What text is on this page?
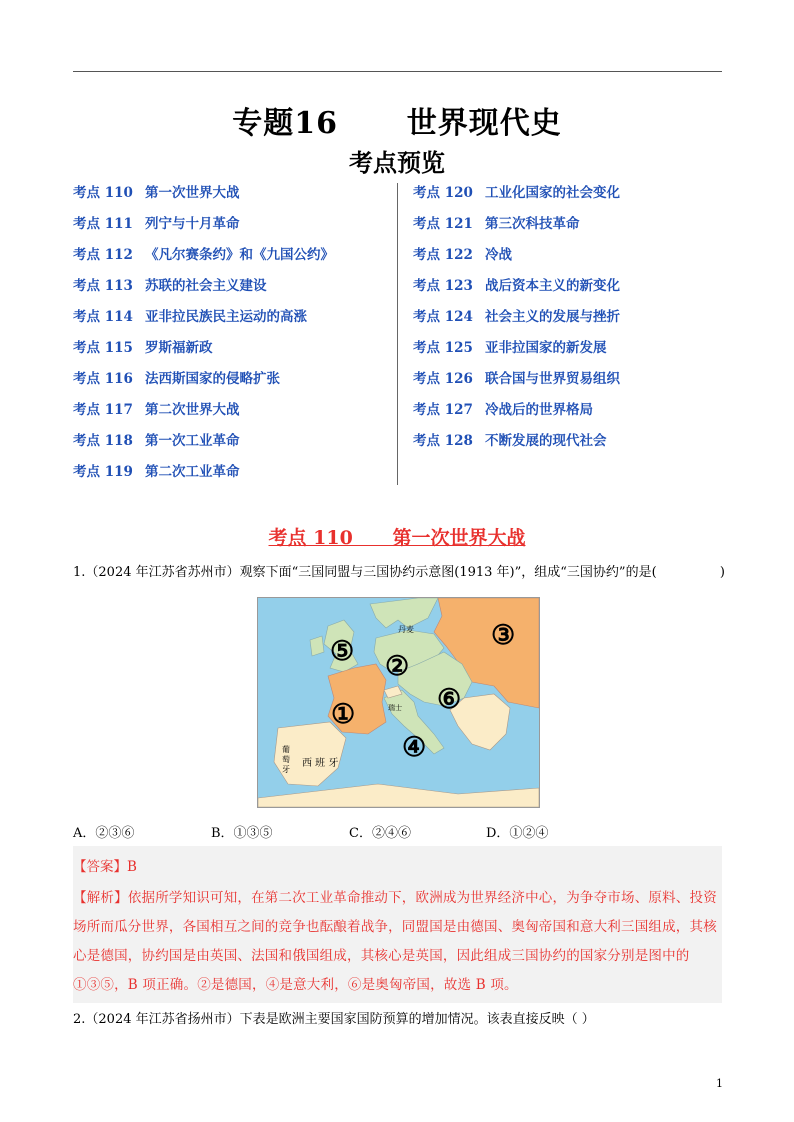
专题16      世界现代史
考点预览
考点 110 第一次世界大战
考点 111 列宁与十月革命
考点 112 《凡尔赛条约》和《九国公约》
考点 113 苏联的社会主义建设
考点 114 亚非拉民族民主运动的高涨
考点 115 罗斯福新政
考点 116 法西斯国家的侵略扩张
考点 117 第二次世界大战
考点 118 第一次工业革命
考点 119 第二次工业革命
考点 120 工业化国家的社会变化
考点 121 第三次科技革命
考点 122 冷战
考点 123 战后资本主义的新变化
考点 124 社会主义的发展与挫折
考点 125 亚非拉国家的新发展
考点 126 联合国与世界贸易组织
考点 127 冷战后的世界格局
考点 128 不断发展的现代社会
考点 110      第一次世界大战
1.（2024 年江苏省苏州市）观察下面“三国同盟与三国协约示意图(1913 年)”，组成“三国协约”的是(	)
丹麦
葡
萄
牙
西 班 牙
瑞士
⑤ ②
③
⑥
①
④
A．②③⑥	B．①③⑤	C．②④⑥	D．①②④
【答案】B
【解析】依据所学知识可知，在第二次工业革命推动下，欧洲成为世界经济中心，为争夺市场、原料、投资场所而瓜分世界，各国相互之间的竞争也酝酿着战争，同盟国是由德国、奥匈帝国和意大利三国组成，其核心是德国，协约国是由英国、法国和俄国组成，其核心是英国，因此组成三国协约的国家分别是图中的①③⑤，B 项正确。②是德国，④是意大利，⑥是奥匈帝国，故选 B 项。
2.（2024 年江苏省扬州市）下表是欧洲主要国家国防预算的增加情况。该表直接反映（ ）
1
